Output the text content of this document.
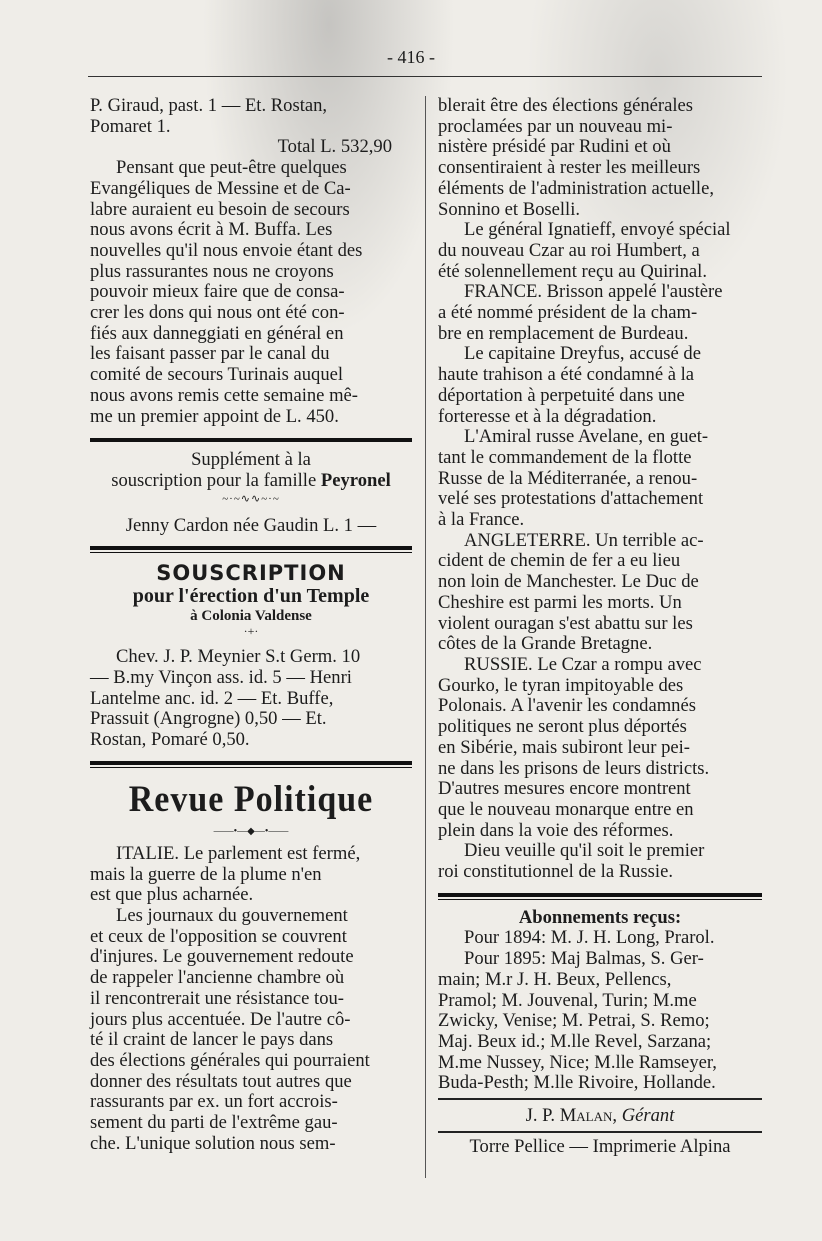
- 416 -

P. Giraud, past. 1 — Et. Rostan,

Pomaret 1.

Total L. 532,90

Pensant que peut-être quelques

Evangéliques de Messine et de Ca-

labre auraient eu besoin de secours

nous avons écrit à M. Buffa. Les

nouvelles qu'il nous envoie étant des

plus rassurantes nous ne croyons

pouvoir mieux faire que de consa-

crer les dons qui nous ont été con-

fiés aux danneggiati en général en

les faisant passer par le canal du

comité de secours Turinais auquel

nous avons remis cette semaine mê-

me un premier appoint de L. 450.

Supplément à la

souscription pour la famille Peyronel

~·~∿∿~·~

Jenny Cardon née Gaudin L. 1 —

SOUSCRIPTION
pour l'érection d'un Temple
à Colonia Valdense
·+·

Chev. J. P. Meynier S.t Germ. 10

— B.my Vinçon ass. id. 5 — Henri

Lantelme anc. id. 2 — Et. Buffe,

Prassuit (Angrogne) 0,50 — Et.

Rostan, Pomaré 0,50.

Revue Politique
——•—◆—•——

ITALIE. Le parlement est fermé,

mais la guerre de la plume n'en

est que plus acharnée.

Les journaux du gouvernement

et ceux de l'opposition se couvrent

d'injures. Le gouvernement redoute

de rappeler l'ancienne chambre où

il rencontrerait une résistance tou-

jours plus accentuée. De l'autre cô-

té il craint de lancer le pays dans

des élections générales qui pourraient

donner des résultats tout autres que

rassurants par ex. un fort accrois-

sement du parti de l'extrême gau-

che. L'unique solution nous sem-

blerait être des élections générales

proclamées par un nouveau mi-

nistère présidé par Rudini et où

consentiraient à rester les meilleurs

éléments de l'administration actuelle,

Sonnino et Boselli.

Le général Ignatieff, envoyé spécial

du nouveau Czar au roi Humbert, a

été solennellement reçu au Quirinal.

FRANCE. Brisson appelé l'austère

a été nommé président de la cham-

bre en remplacement de Burdeau.

Le capitaine Dreyfus, accusé de

haute trahison a été condamné à la

déportation à perpetuité dans une

forteresse et à la dégradation.

L'Amiral russe Avelane, en guet-

tant le commandement de la flotte

Russe de la Méditerranée, a renou-

velé ses protestations d'attachement

à la France.

ANGLETERRE. Un terrible ac-

cident de chemin de fer a eu lieu

non loin de Manchester. Le Duc de

Cheshire est parmi les morts. Un

violent ouragan s'est abattu sur les

côtes de la Grande Bretagne.

RUSSIE. Le Czar a rompu avec

Gourko, le tyran impitoyable des

Polonais. A l'avenir les condamnés

politiques ne seront plus déportés

en Sibérie, mais subiront leur pei-

ne dans les prisons de leurs districts.

D'autres mesures encore montrent

que le nouveau monarque entre en

plein dans la voie des réformes.

Dieu veuille qu'il soit le premier

roi constitutionnel de la Russie.

Abonnements reçus:

Pour 1894: M. J. H. Long, Prarol.

Pour 1895: Maj Balmas, S. Ger-

main; M.r J. H. Beux, Pellencs,

Pramol; M. Jouvenal, Turin; M.me

Zwicky, Venise; M. Petrai, S. Remo;

Maj. Beux id.; M.lle Revel, Sarzana;

M.me Nussey, Nice; M.lle Ramseyer,

Buda-Pesth; M.lle Rivoire, Hollande.

J. P. Malan, Gérant

Torre Pellice — Imprimerie Alpina
